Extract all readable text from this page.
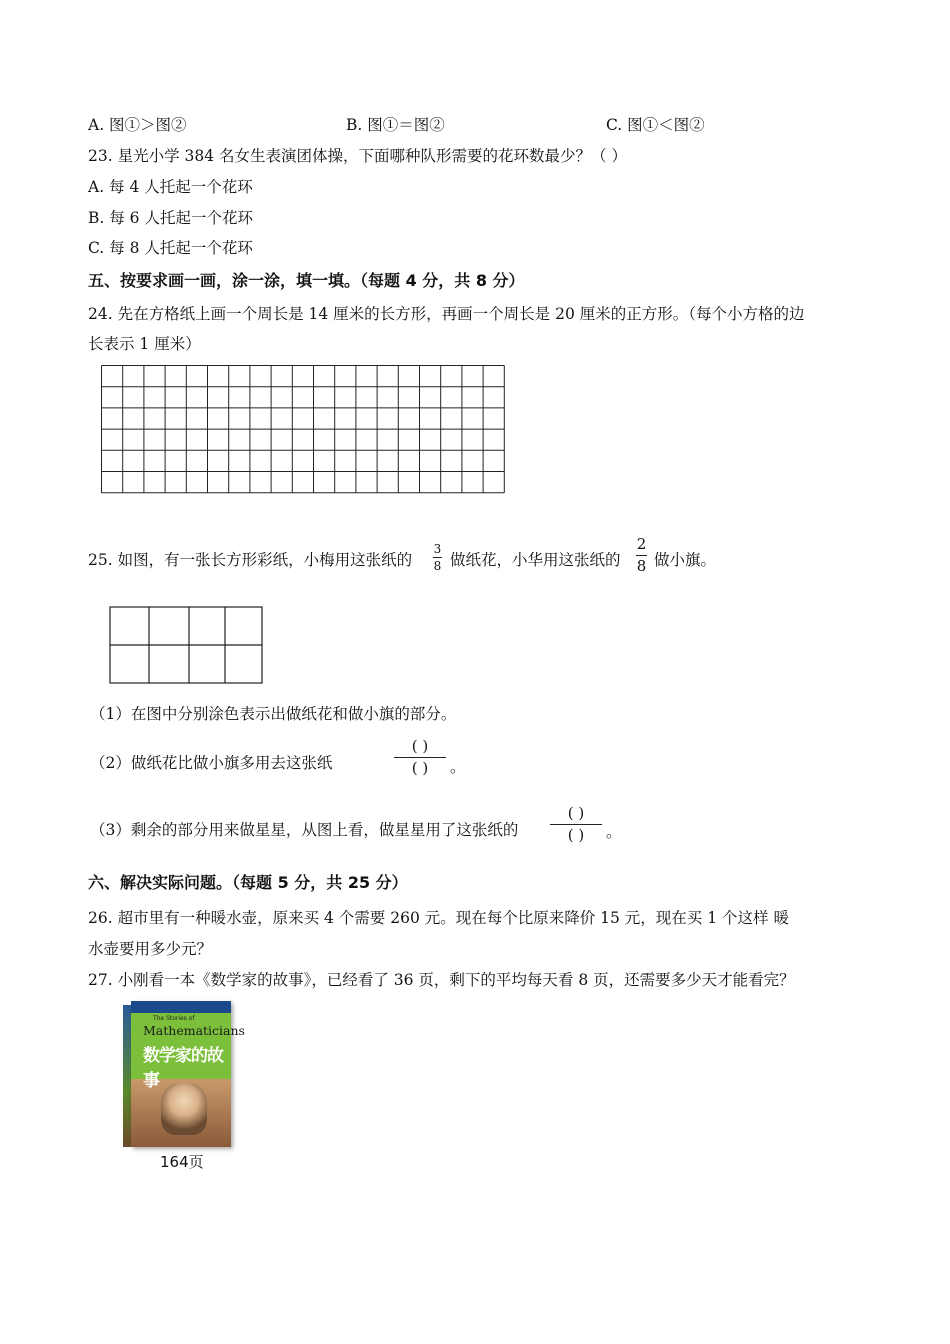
A. 图①＞图②	B. 图①＝图②	C. 图①＜图②
23. 星光小学 384 名女生表演团体操，下面哪种队形需要的花环数最少？（ ）
A. 每 4 人托起一个花环
B. 每 6 人托起一个花环
C. 每 8 人托起一个花环
五、按要求画一画，涂一涂，填一填。（每题 4 分，共 8 分）
24. 先在方格纸上画一个周长是 14 厘米的长方形，再画一个周长是 20 厘米的正方形。（每个小方格的边
长表示 1 厘米）
25. 如图，有一张长方形彩纸，小梅用这张纸的
3
8 做纸花，小华用这张纸的
2
8 做小旗。
（1）在图中分别涂色表示出做纸花和做小旗的部分。
（2）做纸花比做小旗多用去这张纸
( )
( ) 。
（3）剩余的部分用来做星星，从图上看，做星星用了这张纸的
( )
( ) 。
六、解决实际问题。（每题 5 分，共 25 分）
26. 超市里有一种暖水壶，原来买 4 个需要 260 元。现在每个比原来降价 15 元，现在买 1 个这样 暖
水壶要用多少元？
27. 小刚看一本《数学家的故事》，已经看了 36 页，剩下的平均每天看 8 页，还需要多少天才能看完？
The Stories of
Mathematicians
数学家的故事
164页
